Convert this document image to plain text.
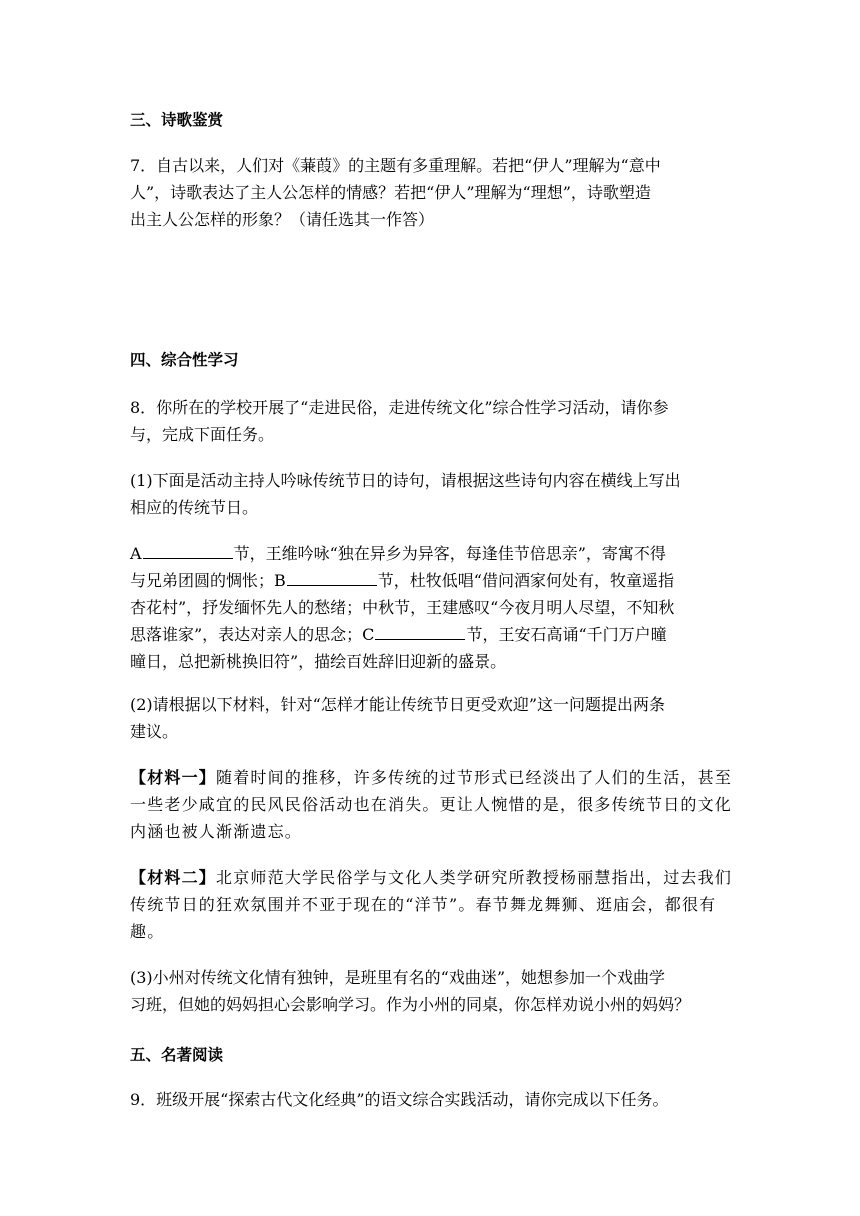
三、诗歌鉴赏
7．自古以来，人们对《蒹葭》的主题有多重理解。若把“伊人”理解为“意中
人”，诗歌表达了主人公怎样的情感？若把“伊人”理解为“理想”，诗歌塑造
出主人公怎样的形象？（请任选其一作答）
四、综合性学习
8．你所在的学校开展了“走进民俗，走进传统文化”综合性学习活动，请你参
与，完成下面任务。
(1)下面是活动主持人吟咏传统节日的诗句，请根据这些诗句内容在横线上写出
相应的传统节日。
A	节，王维吟咏“独在异乡为异客，每逢佳节倍思亲”，寄寓不得
与兄弟团圆的惆怅；B	节，杜牧低唱“借问酒家何处有，牧童遥指
杏花村”，抒发缅怀先人的愁绪；中秋节，王建感叹“今夜月明人尽望，不知秋
思落谁家”，表达对亲人的思念；C	节，王安石高诵“千门万户曈
曈日，总把新桃换旧符”，描绘百姓辞旧迎新的盛景。
(2)请根据以下材料，针对“怎样才能让传统节日更受欢迎”这一问题提出两条
建议。
【材料一】随着时间的推移，许多传统的过节形式已经淡出了人们的生活，甚至
一些老少咸宜的民风民俗活动也在消失。更让人惋惜的是，很多传统节日的文化
内涵也被人渐渐遗忘。
【材料二】北京师范大学民俗学与文化人类学研究所教授杨丽慧指出，过去我们
传统节日的狂欢氛围并不亚于现在的“洋节”。春节舞龙舞狮、逛庙会，都很有
趣。
(3)小州对传统文化情有独钟，是班里有名的“戏曲迷”，她想参加一个戏曲学
习班，但她的妈妈担心会影响学习。作为小州的同桌，你怎样劝说小州的妈妈？
五、名著阅读
9．班级开展“探索古代文化经典”的语文综合实践活动，请你完成以下任务。
